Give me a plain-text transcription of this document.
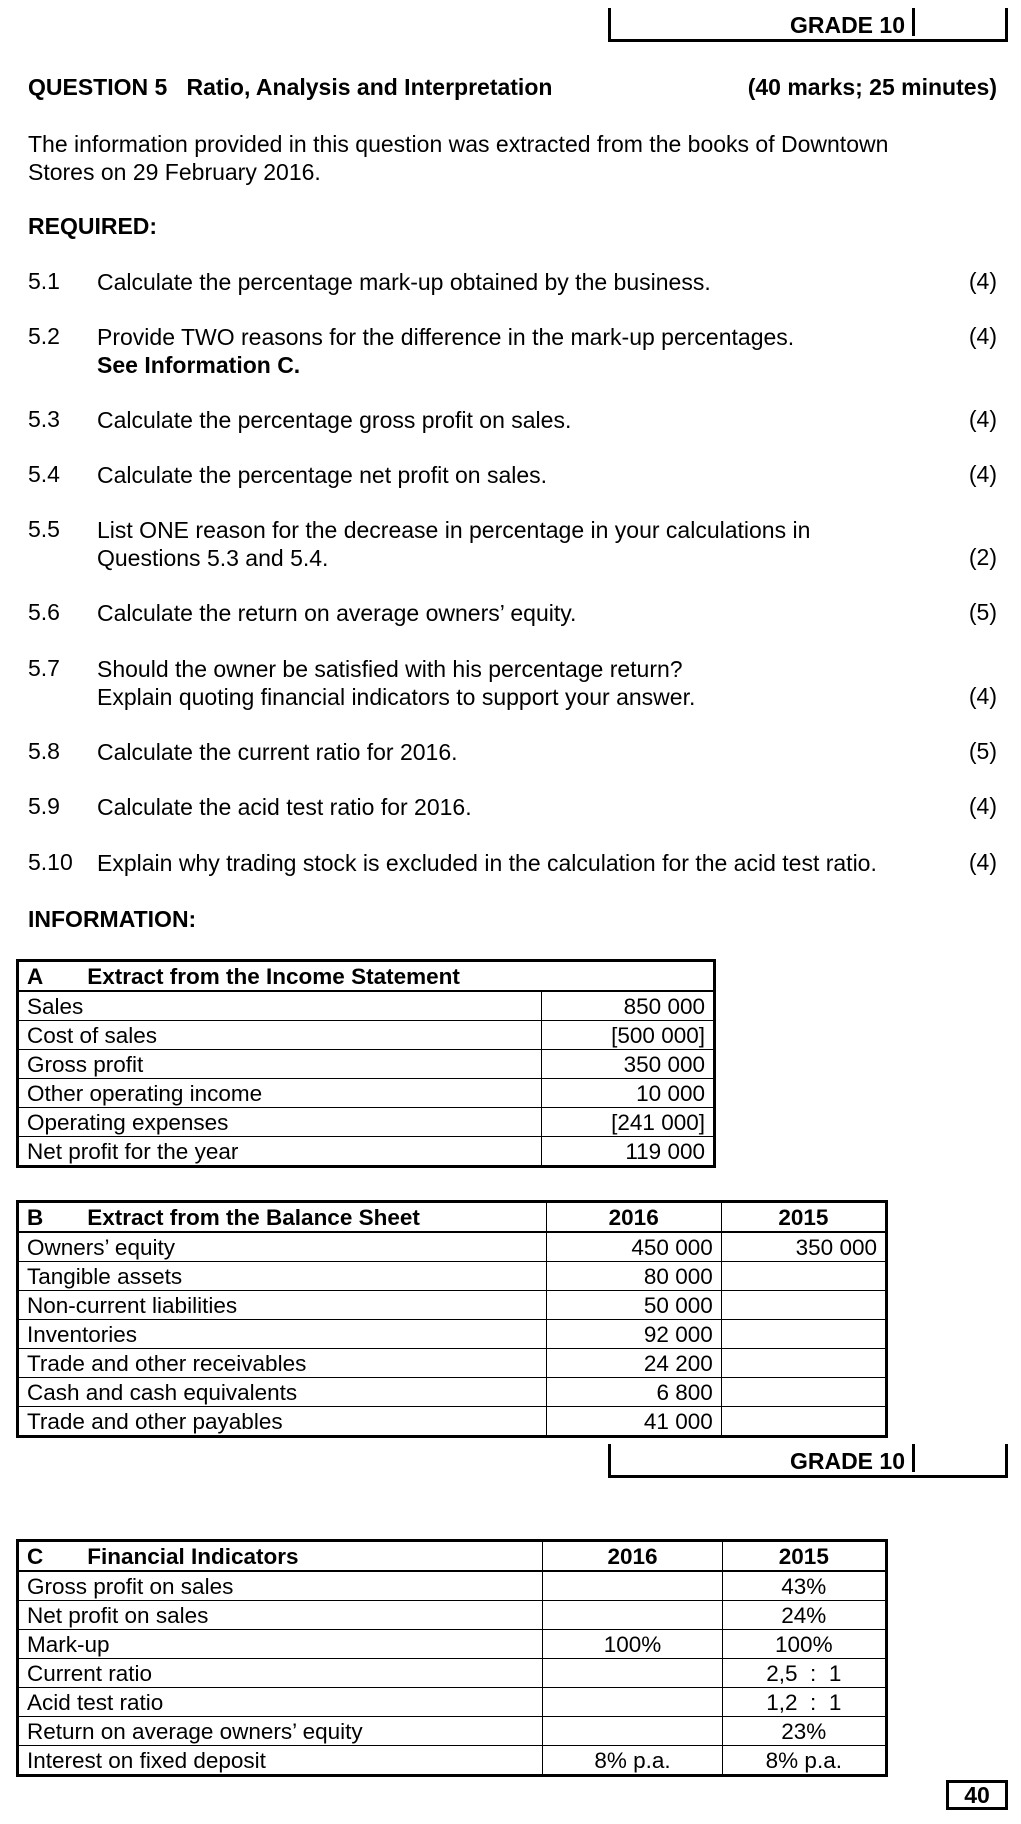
GRADE 10
QUESTION 5 Ratio, Analysis and Interpretation	(40 marks; 25 minutes)
The information provided in this question was extracted from the books of Downtown
Stores on 29 February 2016.
REQUIRED:
5.1 Calculate the percentage mark-up obtained by the business.	(4)
5.2 Provide TWO reasons for the difference in the mark-up percentages.
See Information C.
(4)
5.3 Calculate the percentage gross profit on sales.	(4)
5.4 Calculate the percentage net profit on sales.	(4)
5.5 List ONE reason for the decrease in percentage in your calculations in
Questions 5.3 and 5.4.	(2)
5.6 Calculate the return on average owners’ equity.	(5)
5.7 Should the owner be satisfied with his percentage return?
Explain quoting financial indicators to support your answer.	(4)
5.8 Calculate the current ratio for 2016.	(5)
5.9 Calculate the acid test ratio for 2016.	(4)
5.10 Explain why trading stock is excluded in the calculation for the acid test ratio.	(4)
INFORMATION:
A Extract from the Income Statement	
Sales	850 000
Cost of sales	[500 000]
Gross profit	350 000
Other operating income	10 000
Operating expenses	[241 000]
Net profit for the year	119 000
B Extract from the Balance Sheet	2016	2015
Owners’ equity	450 000	350 000
Tangible assets	80 000	
Non-current liabilities	50 000	
Inventories	92 000	
Trade and other receivables	24 200	
Cash and cash equivalents	6 800	
Trade and other payables	41 000	
GRADE 10
C Financial Indicators	2016	2015
Gross profit on sales		43%
Net profit on sales		24%
Mark-up	100%	100%
Current ratio		2,5  :  1
Acid test ratio		1,2  :  1
Return on average owners’ equity		23%
Interest on fixed deposit	8% p.a.	8% p.a.
40
